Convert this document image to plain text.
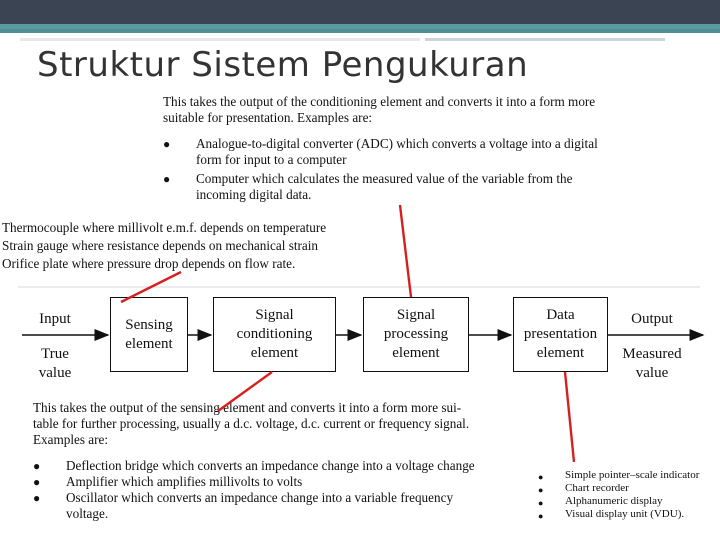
Struktur Sistem Pengukuran
This takes the output of the conditioning element and converts it into a form more
suitable for presentation. Examples are:
● Analogue-to-digital converter (ADC) which converts a voltage into a digital
form for input to a computer
● Computer which calculates the measured value of the variable from the
incoming digital data.
Thermocouple where millivolt e.m.f. depends on temperature
Strain gauge where resistance depends on mechanical strain
Orifice plate where pressure drop depends on flow rate.
Input
True
value
Sensing
element
Signal
conditioning
element
Signal
processing
element
Data
presentation
element
Output
Measured
value
This takes the output of the sensing element and converts it into a form more sui-
table for further processing, usually a d.c. voltage, d.c. current or frequency signal.
Examples are:
● Deflection bridge which converts an impedance change into a voltage change
● Amplifier which amplifies millivolts to volts
● Oscillator which converts an impedance change into a variable frequency
voltage.
● Simple pointer–scale indicator
● Chart recorder
● Alphanumeric display
● Visual display unit (VDU).
